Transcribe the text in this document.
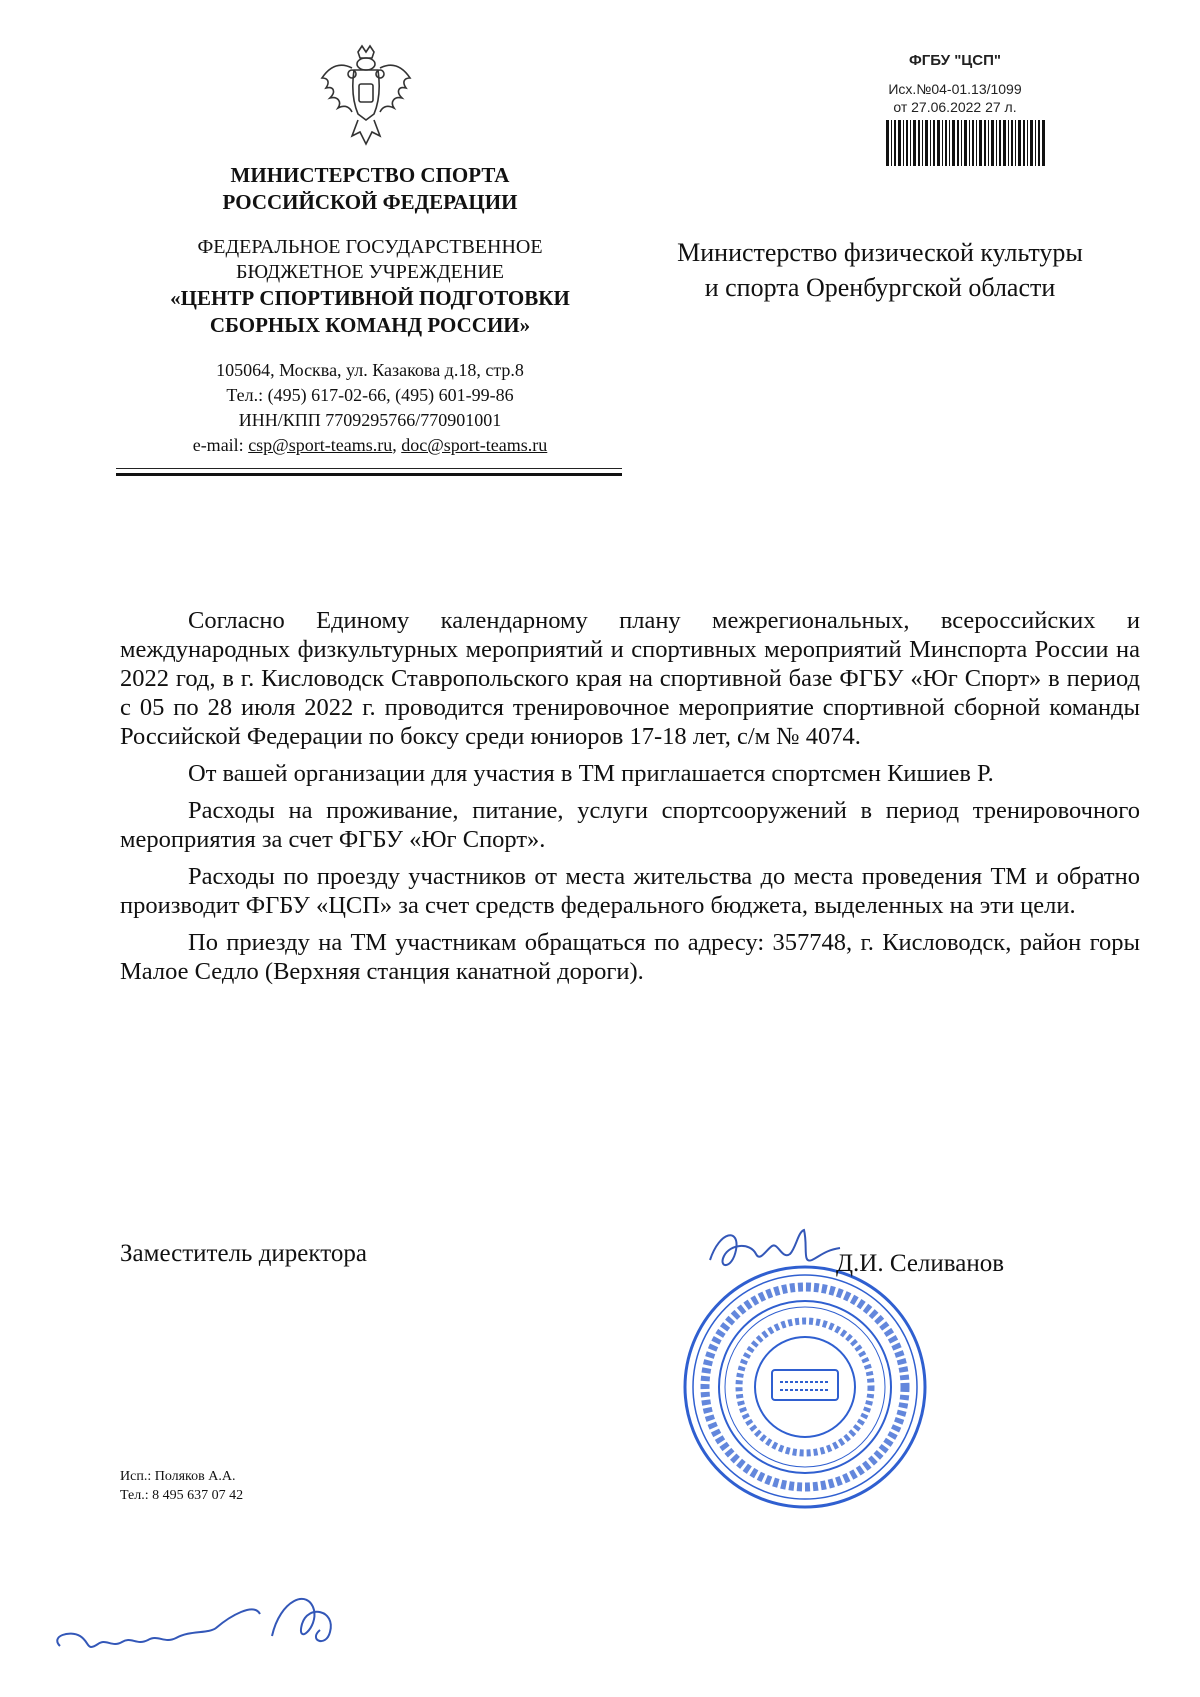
МИНИСТЕРСТВО СПОРТА
РОССИЙСКОЙ ФЕДЕРАЦИИ
ФЕДЕРАЛЬНОЕ ГОСУДАРСТВЕННОЕ
БЮДЖЕТНОЕ УЧРЕЖДЕНИЕ
«ЦЕНТР СПОРТИВНОЙ ПОДГОТОВКИ
СБОРНЫХ КОМАНД РОССИИ»
105064, Москва, ул. Казакова д.18, стр.8
Тел.: (495) 617-02-66, (495) 601-99-86
ИНН/КПП 7709295766/770901001
e-mail: csp@sport-teams.ru, doc@sport-teams.ru
ФГБУ "ЦСП"
Исх.№04-01.13/1099
от 27.06.2022 27 л.
Министерство физической культуры
и спорта Оренбургской области

Согласно Единому календарному плану межрегиональных, всероссийских и международных физкультурных мероприятий и спортивных мероприятий Минспорта России на 2022 год, в г. Кисловодск Ставропольского края на спортивной базе ФГБУ «Юг Спорт» в период с 05 по 28 июля 2022 г. проводится тренировочное мероприятие спортивной сборной команды Российской Федерации по боксу среди юниоров 17-18 лет, с/м № 4074.

От вашей организации для участия в ТМ приглашается спортсмен Кишиев Р.

Расходы на проживание, питание, услуги спортсооружений в период тренировочного мероприятия за счет ФГБУ «Юг Спорт».

Расходы по проезду участников от места жительства до места проведения ТМ и обратно производит ФГБУ «ЦСП» за счет средств федерального бюджета, выделенных на эти цели.

По приезду на ТМ участникам обращаться по адресу: 357748, г. Кисловодск, район горы Малое Седло (Верхняя станция канатной дороги).

Заместитель директора	Д.И. Селиванов
Исп.: Поляков А.А.
Тел.: 8 495 637 07 42
